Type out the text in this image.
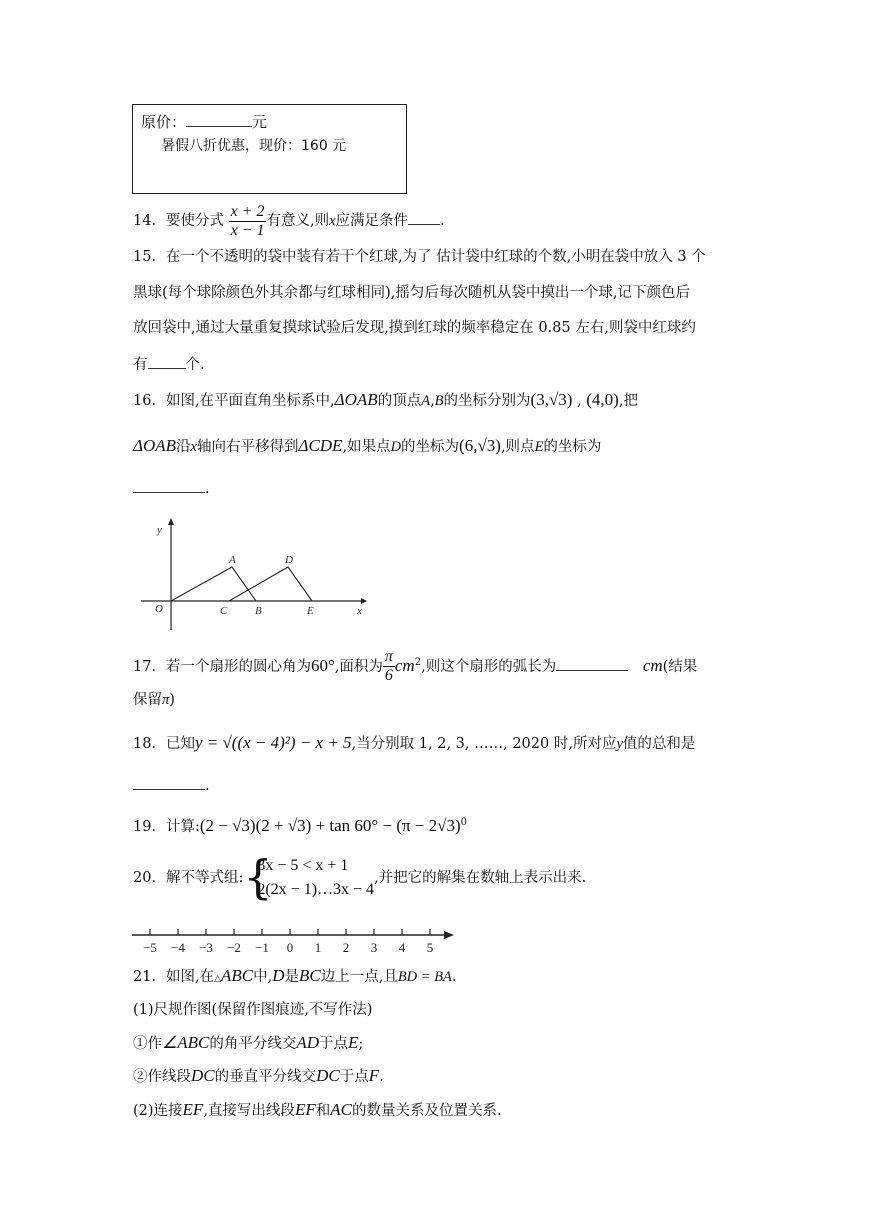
原价：	元
暑假八折优惠，现价：160 元
14．要使分式 $\frac{x + 2}{x - 1}$ 有意义,则x应满足条件 .
15．在一个不透明的袋中装有若干个红球,为了 估计袋中红球的个数,小明在袋中放入 3 个
黑球(每个球除颜色外其余都与红球相同),摇匀后每次随机从袋中摸出一个球,记下颜色后
放回袋中,通过大量重复摸球试验后发现,摸到红球的频率稳定在 0.85 左右,则袋中红球约
有	个.
16．如图,在平面直角坐标系中,ΔOAB的顶点A,B的坐标分别为(3,√3) , (4,0),把
ΔOAB沿x轴向右平移得到ΔCDE,如果点D的坐标为(6,√3),则点E的坐标为
.
y
O
A	D
C	B	E	x
17．若一个扇形的圆心角为60°,面积为 $\frac{\pi}{6} cm^2$,则这个扇形的弧长为	cm(结果
保留π)
18．已知y = √((x − 4)²) − x + 5,当分别取 1, 2, 3, ……, 2020 时,所对应y值的总和是
.
19．计算:(2 − $√3)(2 + √3) + \tan 60^\circ - (\pi - 2√3)^0$
20．解不等式组: {
3x − 5 < x + 1
2(2x − 1)…3x − 4
,并把它的解集在数轴上表示出来.
−5 −4 −3 −2 −1 0 1 2 3 4 5
21．如图,在△ABC中,D是BC边上一点,且BD = BA.
(1)尺规作图(保留作图痕迹,不写作法)
①作∠ABC的角平分线交AD于点E;
②作线段DC的垂直平分线交DC于点F.
(2)连接EF,直接写出线段EF和AC的数量关系及位置关系.
